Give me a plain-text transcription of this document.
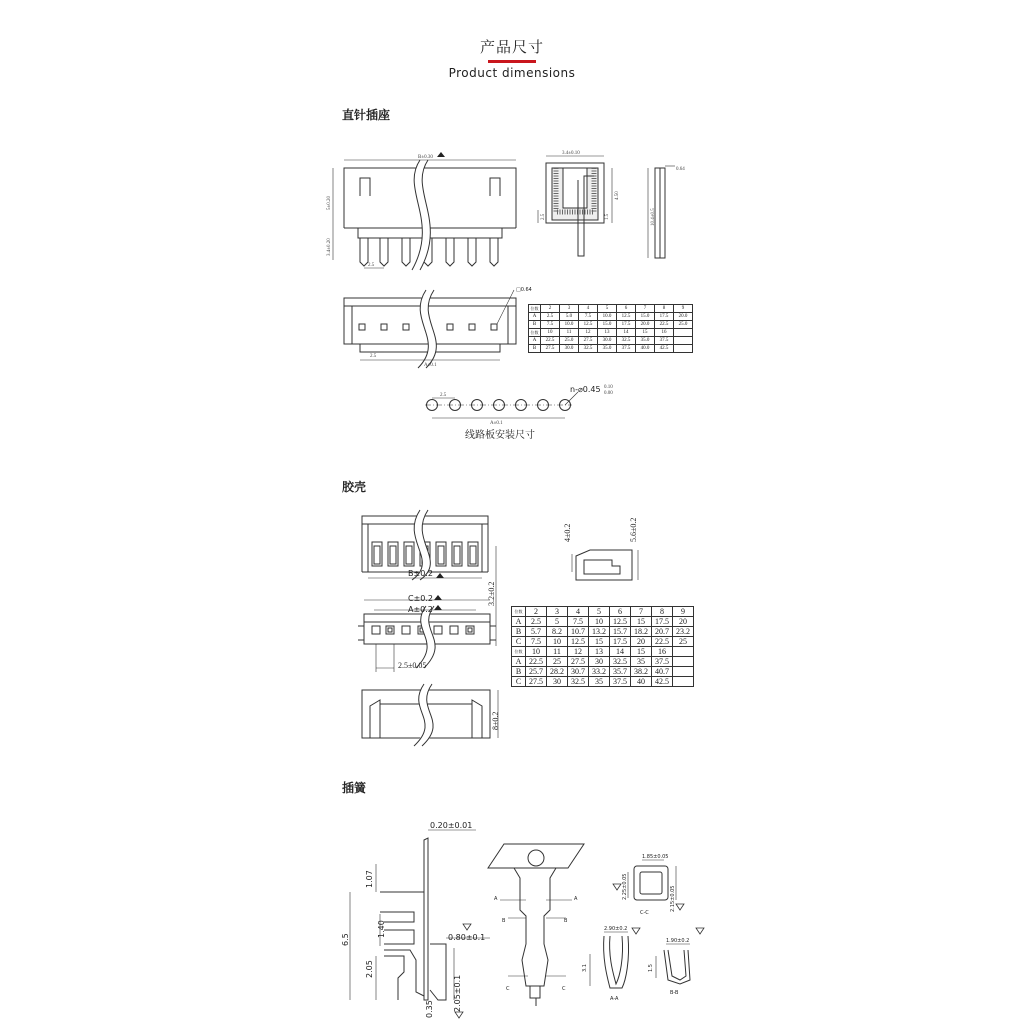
产品尺寸
Product dimensions
直针插座
胶壳
插簧
B±0.30
5±0.20
3.4±0.20
2.5
3.4±0.10
4.50
2.5	1.5
0.64
10.4±0.5
□0.64
A±0.1
2.5
2.5
n-⌀0.45 0.10
0.00
A±0.1
B±0.2
3.2±0.2
4±0.2	5.6±0.2
C±0.2
A±0.2
2.5±0.05
8±0.2
0.20±0.01
1.07
1.40
6.5
2.05
0.80±0.1
2.05±0.1
0.35
1.85±0.05
2.25±0.05	2.15±0.05
C-C
2.90±0.2
1.90±0.2
3.1	1.5
A-A
B-B
A	A
B	B
C	C
线路板安装尺寸
位数	2	3	4	5	6	7	8	9
A	2.5	5.0	7.5	10.0	12.5	15.0	17.5	20.0
B	7.5	10.0	12.5	15.0	17.5	20.0	22.5	25.0
位数	10	11	12	13	14	15	16	
A	22.5	25.0	27.5	30.0	32.5	35.0	37.5	
B	27.5	30.0	32.5	35.0	37.5	40.0	42.5	
位数	2	3	4	5	6	7	8	9
A	2.5	5	7.5	10	12.5	15	17.5	20
B	5.7	8.2	10.7	13.2	15.7	18.2	20.7	23.2
C	7.5	10	12.5	15	17.5	20	22.5	25
位数	10	11	12	13	14	15	16	
A	22.5	25	27.5	30	32.5	35	37.5	
B	25.7	28.2	30.7	33.2	35.7	38.2	40.7	
C	27.5	30	32.5	35	37.5	40	42.5	
